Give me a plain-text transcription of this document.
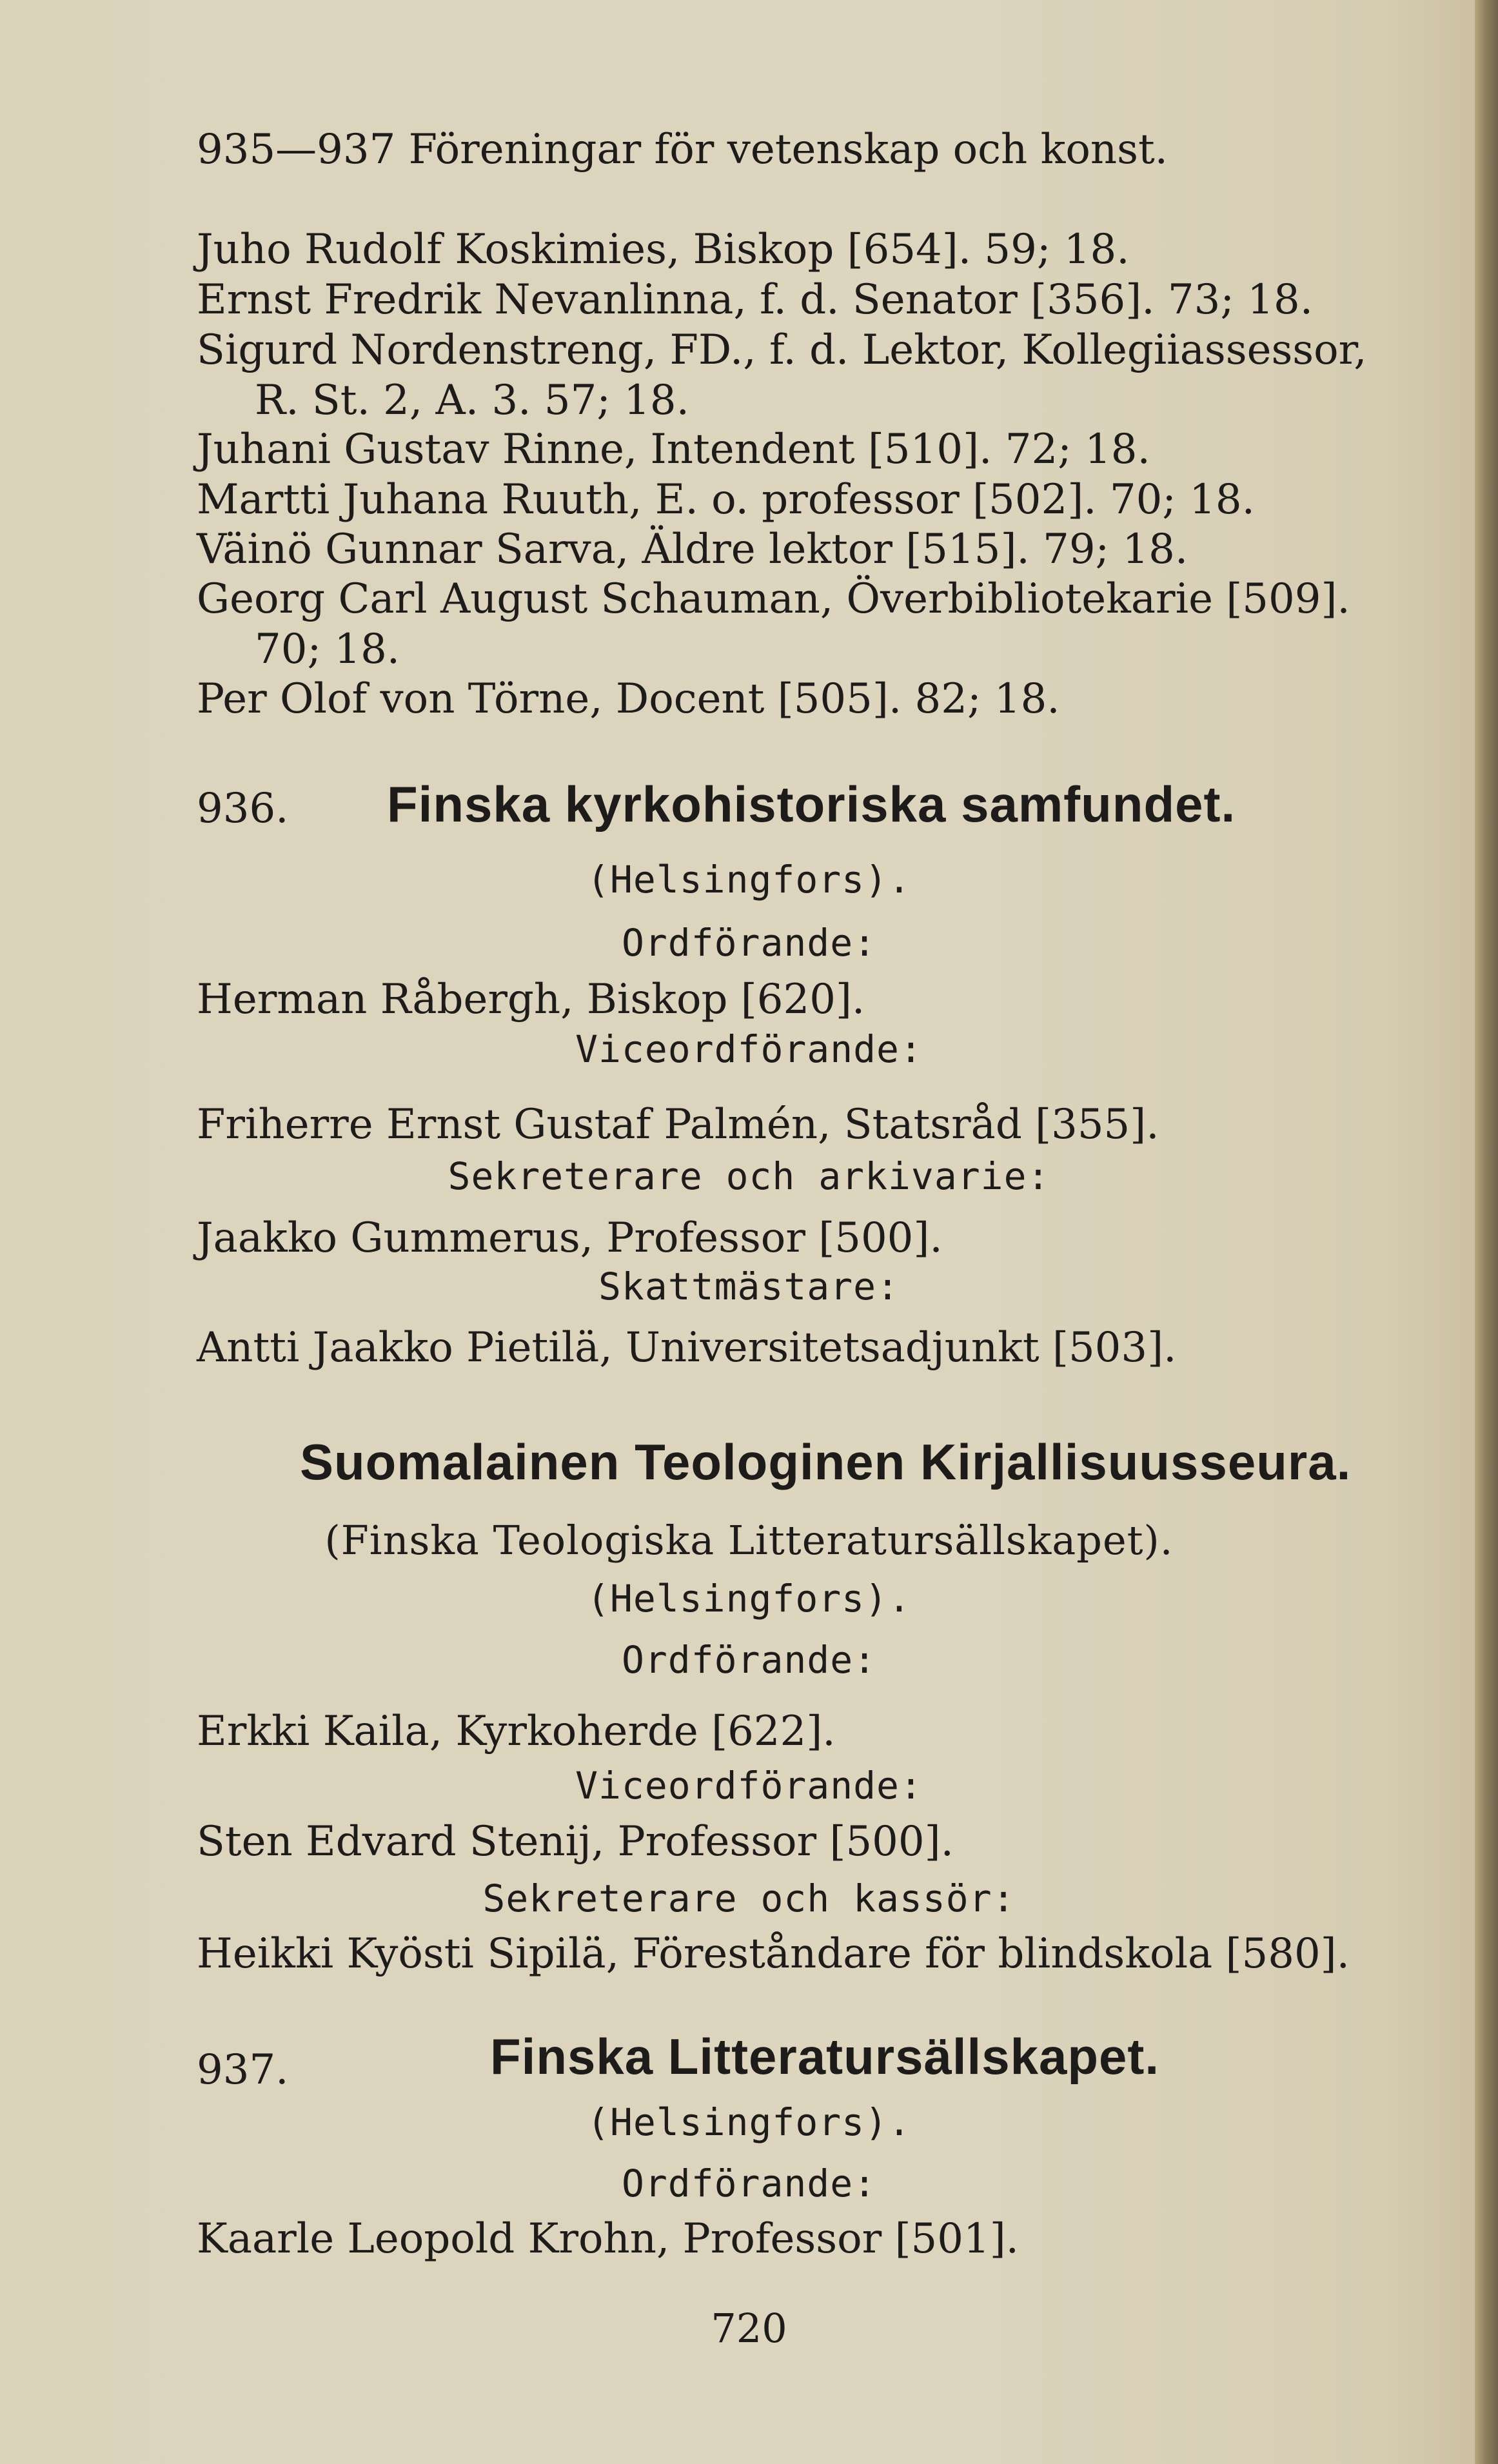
935—937 Föreningar för vetenskap och konst.
Juho Rudolf Koskimies, Biskop [654]. 59; 18.
Ernst Fredrik Nevanlinna, f. d. Senator [356]. 73; 18.
Sigurd Nordenstreng, FD., f. d. Lektor, Kollegiiassessor,
R. St. 2, A. 3. 57; 18.
Juhani Gustav Rinne, Intendent [510]. 72; 18.
Martti Juhana Ruuth, E. o. professor [502]. 70; 18.
Väinö Gunnar Sarva, Äldre lektor [515]. 79; 18.
Georg Carl August Schauman, Överbibliotekarie [509].
70; 18.
Per Olof von Törne, Docent [505]. 82; 18.
936. Finska kyrkohistoriska samfundet.
(Helsingfors).
Ordförande:
Herman Råbergh, Biskop [620].
Viceordförande:
Friherre Ernst Gustaf Palmén, Statsråd [355].
Sekreterare och arkivarie:
Jaakko Gummerus, Professor [500].
Skattmästare:
Antti Jaakko Pietilä, Universitetsadjunkt [503].
Suomalainen Teologinen Kirjallisuusseura.
(Finska Teologiska Litteratursällskapet).
(Helsingfors).
Ordförande:
Erkki Kaila, Kyrkoherde [622].
Viceordförande:
Sten Edvard Stenij, Professor [500].
Sekreterare och kassör:
Heikki Kyösti Sipilä, Föreståndare för blindskola [580].
937.	Finska Litteratursällskapet.
(Helsingfors).
Ordförande:
Kaarle Leopold Krohn, Professor [501].
720
